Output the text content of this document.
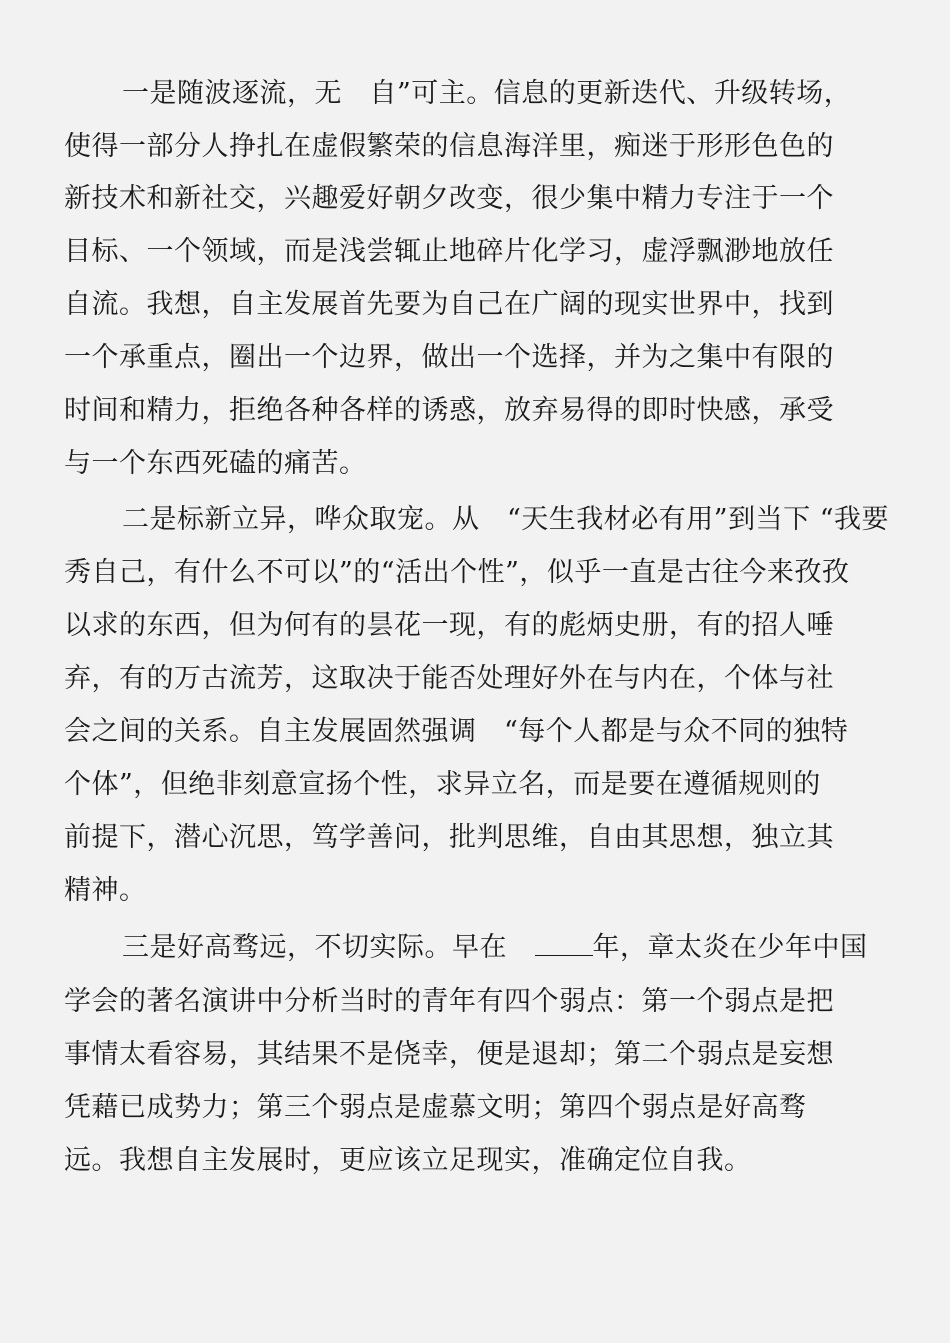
一是随波逐流，无　自”可主。信息的更新迭代、升级转场，
使得一部分人挣扎在虚假繁荣的信息海洋里，痴迷于形形色色的
新技术和新社交，兴趣爱好朝夕改变，很少集中精力专注于一个
目标、一个领域，而是浅尝辄止地碎片化学习，虚浮飘渺地放任
自流。我想，自主发展首先要为自己在广阔的现实世界中，找到
一个承重点，圈出一个边界，做出一个选择，并为之集中有限的
时间和精力，拒绝各种各样的诱惑，放弃易得的即时快感，承受
与一个东西死磕的痛苦。
二是标新立异，哗众取宠。从　“天生我材必有用”到当下 “我要
秀自己，有什么不可以”的“活出个性”，似乎一直是古往今来孜孜
以求的东西，但为何有的昙花一现，有的彪炳史册，有的招人唾
弃，有的万古流芳，这取决于能否处理好外在与内在，个体与社
会之间的关系。自主发展固然强调　“每个人都是与众不同的独特
个体”，但绝非刻意宣扬个性，求异立名，而是要在遵循规则的
前提下，潜心沉思，笃学善问，批判思维，自由其思想，独立其
精神。
三是好高骛远，不切实际。早在　年，章太炎在少年中国
学会的著名演讲中分析当时的青年有四个弱点：第一个弱点是把
事情太看容易，其结果不是侥幸，便是退却；第二个弱点是妄想
凭藉已成势力；第三个弱点是虚慕文明；第四个弱点是好高骛
远。我想自主发展时，更应该立足现实，准确定位自我。
